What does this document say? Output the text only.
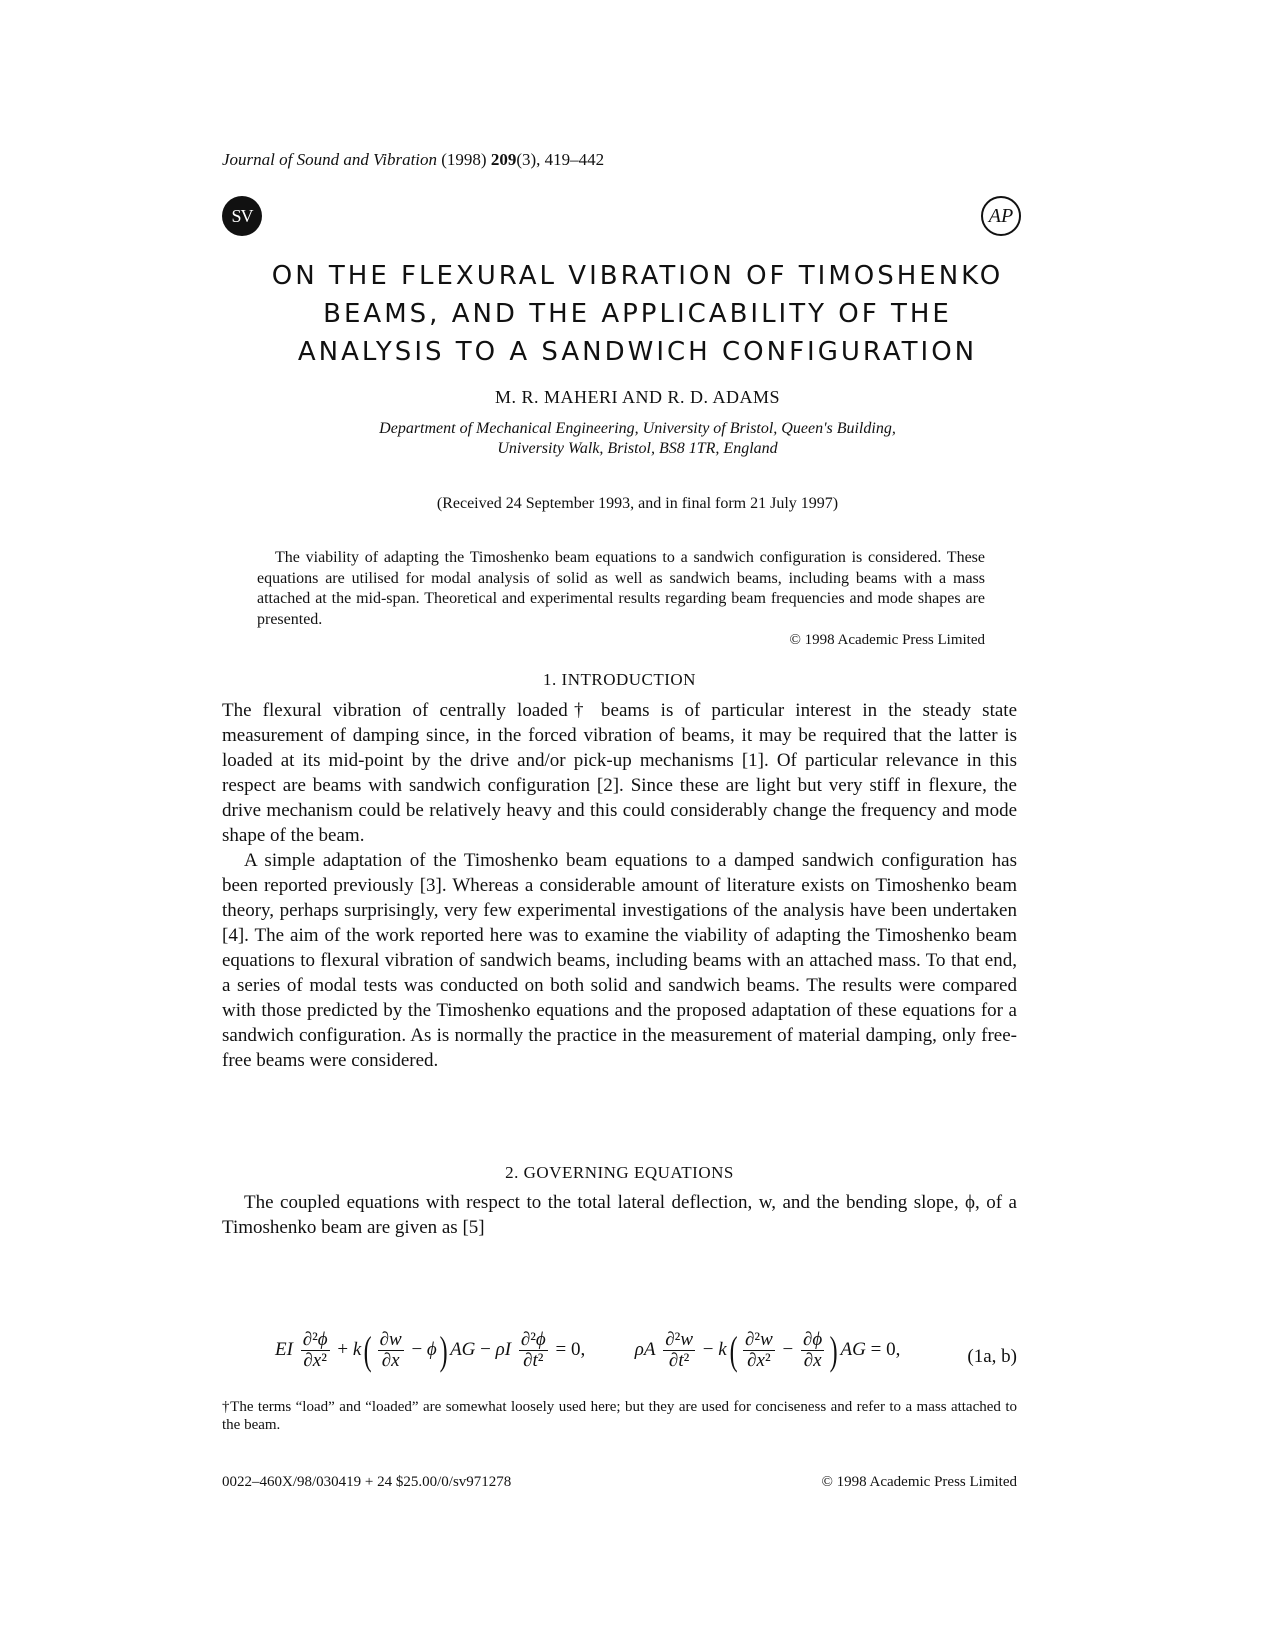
Journal of Sound and Vibration (1998) 209(3), 419–442
SV	AP
ON THE FLEXURAL VIBRATION OF TIMOSHENKO
BEAMS, AND THE APPLICABILITY OF THE
ANALYSIS TO A SANDWICH CONFIGURATION
M. R. MAHERI AND R. D. ADAMS
Department of Mechanical Engineering, University of Bristol, Queen's Building,
University Walk, Bristol, BS8 1TR, England
(Received 24 September 1993, and in final form 21 July 1997)
The viability of adapting the Timoshenko beam equations to a sandwich configuration is considered. These equations are utilised for modal analysis of solid as well as sandwich beams, including beams with a mass attached at the mid-span. Theoretical and experimental results regarding beam frequencies and mode shapes are presented.
© 1998 Academic Press Limited
1. INTRODUCTION

The flexural vibration of centrally loaded† beams is of particular interest in the steady state measurement of damping since, in the forced vibration of beams, it may be required that the latter is loaded at its mid-point by the drive and/or pick-up mechanisms [1]. Of particular relevance in this respect are beams with sandwich configuration [2]. Since these are light but very stiff in flexure, the drive mechanism could be relatively heavy and this could considerably change the frequency and mode shape of the beam.

A simple adaptation of the Timoshenko beam equations to a damped sandwich configuration has been reported previously [3]. Whereas a considerable amount of literature exists on Timoshenko beam theory, perhaps surprisingly, very few experimental investigations of the analysis have been undertaken [4]. The aim of the work reported here was to examine the viability of adapting the Timoshenko beam equations to flexural vibration of sandwich beams, including beams with an attached mass. To that end, a series of modal tests was conducted on both solid and sandwich beams. The results were compared with those predicted by the Timoshenko equations and the proposed adaptation of these equations for a sandwich configuration. As is normally the practice in the measurement of material damping, only free-free beams were considered.

2. GOVERNING EQUATIONS

The coupled equations with respect to the total lateral deflection, w, and the bending slope, ϕ, of a Timoshenko beam are given as [5]

EI $\frac{\text{∂²ϕ}}{\text{∂x²}} + k( \frac{\partial w}{\partial x} - \phi)$ AG − ρI $\frac{\text{∂²ϕ}}{\text{∂t²}} = 0$,  ρA $\frac{\text{∂²w}}{\text{∂t²}} - k( \frac{\text{∂²w}}{\text{∂x²}} - \frac{\partial\phi}{\partial x}$ ) AG = 0,	(1a, b)
†The terms “load” and “loaded” are somewhat loosely used here; but they are used for conciseness and refer to a mass attached to the beam.
0022–460X/98/030419 + 24 $25.00/0/sv971278	© 1998 Academic Press Limited
